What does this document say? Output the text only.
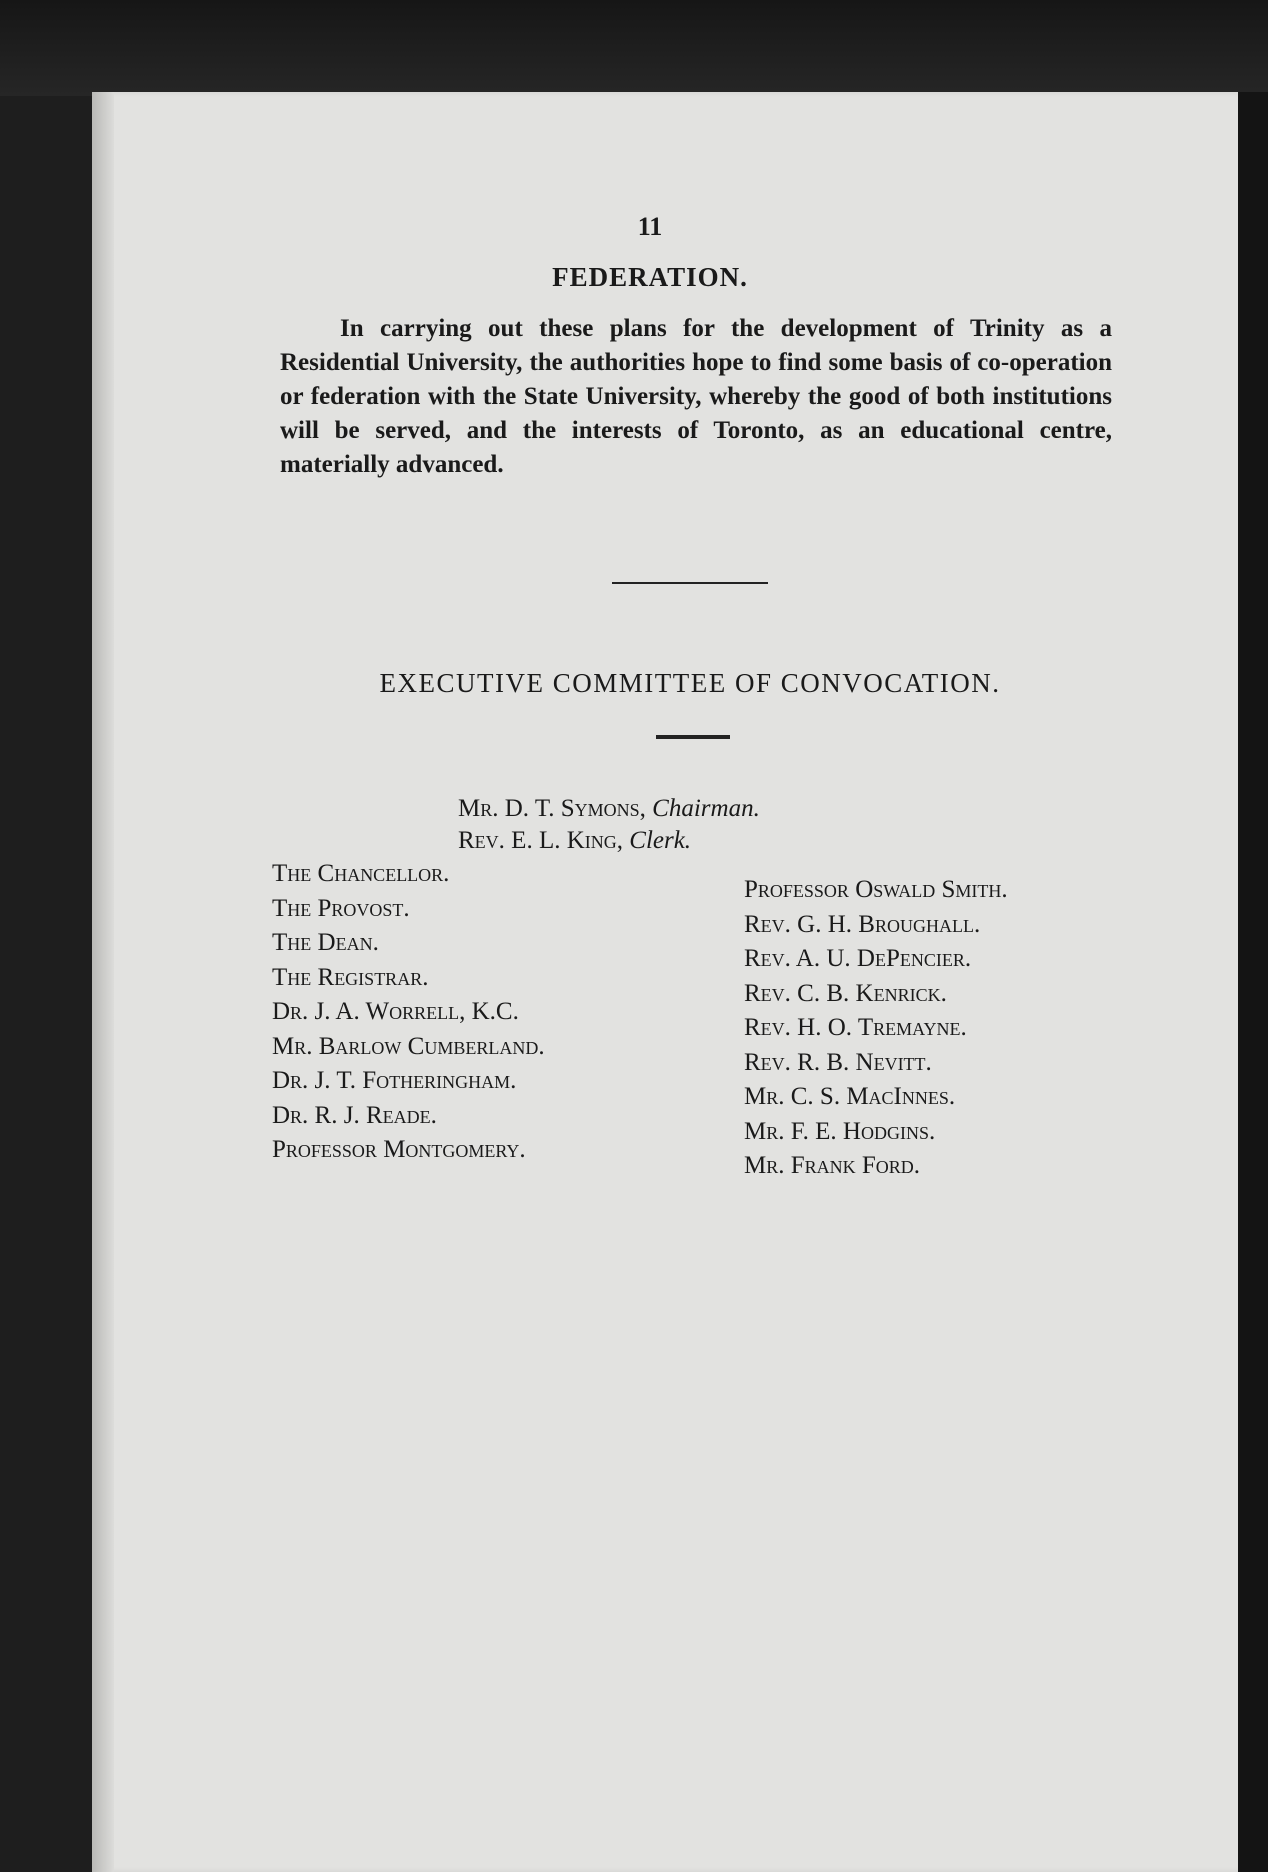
11
FEDERATION.

In carrying out these plans for the development of Trinity as a Residential University, the authorities hope to find some basis of co-operation or federation with the State University, whereby the good of both institutions will be served, and the interests of Toronto, as an educational centre, materially advanced.

EXECUTIVE COMMITTEE OF CONVOCATION.
Mr. D. T. Symons, Chairman.
Rev. E. L. King, Clerk.
The Chancellor.
The Provost.
The Dean.
The Registrar.
Dr. J. A. Worrell, K.C.
Mr. Barlow Cumberland.
Dr. J. T. Fotheringham.
Dr. R. J. Reade.
Professor Montgomery.
Professor Oswald Smith.
Rev. G. H. Broughall.
Rev. A. U. DePencier.
Rev. C. B. Kenrick.
Rev. H. O. Tremayne.
Rev. R. B. Nevitt.
Mr. C. S. MacInnes.
Mr. F. E. Hodgins.
Mr. Frank Ford.
